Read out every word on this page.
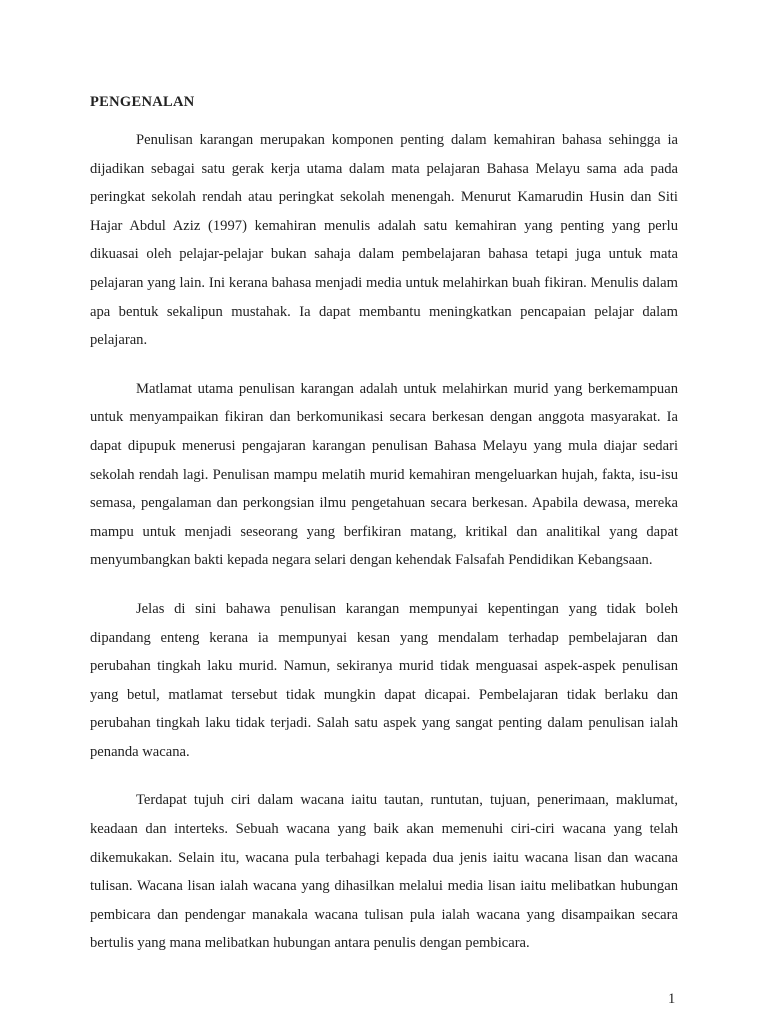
PENGENALAN

Penulisan karangan merupakan komponen penting dalam kemahiran bahasa sehingga ia dijadikan sebagai satu gerak kerja utama dalam mata pelajaran Bahasa Melayu sama ada pada peringkat sekolah rendah atau peringkat sekolah menengah. Menurut Kamarudin Husin dan Siti Hajar Abdul Aziz (1997) kemahiran menulis adalah satu kemahiran yang penting yang perlu dikuasai oleh pelajar-pelajar bukan sahaja dalam pembelajaran bahasa tetapi juga untuk mata pelajaran yang lain. Ini kerana bahasa menjadi media untuk melahirkan buah fikiran. Menulis dalam apa bentuk sekalipun mustahak. Ia dapat membantu meningkatkan pencapaian pelajar dalam pelajaran.

Matlamat utama penulisan karangan adalah untuk melahirkan murid yang berkemampuan untuk menyampaikan fikiran dan berkomunikasi secara berkesan dengan anggota masyarakat. Ia dapat dipupuk menerusi pengajaran karangan penulisan Bahasa Melayu yang mula diajar sedari sekolah rendah lagi. Penulisan mampu melatih murid kemahiran mengeluarkan hujah, fakta, isu-isu semasa, pengalaman dan perkongsian ilmu pengetahuan secara berkesan. Apabila dewasa, mereka mampu untuk menjadi seseorang yang berfikiran matang, kritikal dan analitikal yang dapat menyumbangkan bakti kepada negara selari dengan kehendak Falsafah Pendidikan Kebangsaan.

Jelas di sini bahawa penulisan karangan mempunyai kepentingan yang tidak boleh dipandang enteng kerana ia mempunyai kesan yang mendalam terhadap pembelajaran dan perubahan tingkah laku murid. Namun, sekiranya murid tidak menguasai aspek-aspek penulisan yang betul, matlamat tersebut tidak mungkin dapat dicapai. Pembelajaran tidak berlaku dan perubahan tingkah laku tidak terjadi. Salah satu aspek yang sangat penting dalam penulisan ialah penanda wacana.

Terdapat tujuh ciri dalam wacana iaitu tautan, runtutan, tujuan, penerimaan, maklumat, keadaan dan interteks. Sebuah wacana yang baik akan memenuhi ciri-ciri wacana yang telah dikemukakan. Selain itu, wacana pula terbahagi kepada dua jenis iaitu wacana lisan dan wacana tulisan. Wacana lisan ialah wacana yang dihasilkan melalui media lisan iaitu melibatkan hubungan pembicara dan pendengar manakala wacana tulisan pula ialah wacana yang disampaikan secara bertulis yang mana melibatkan hubungan antara penulis dengan pembicara.

1
